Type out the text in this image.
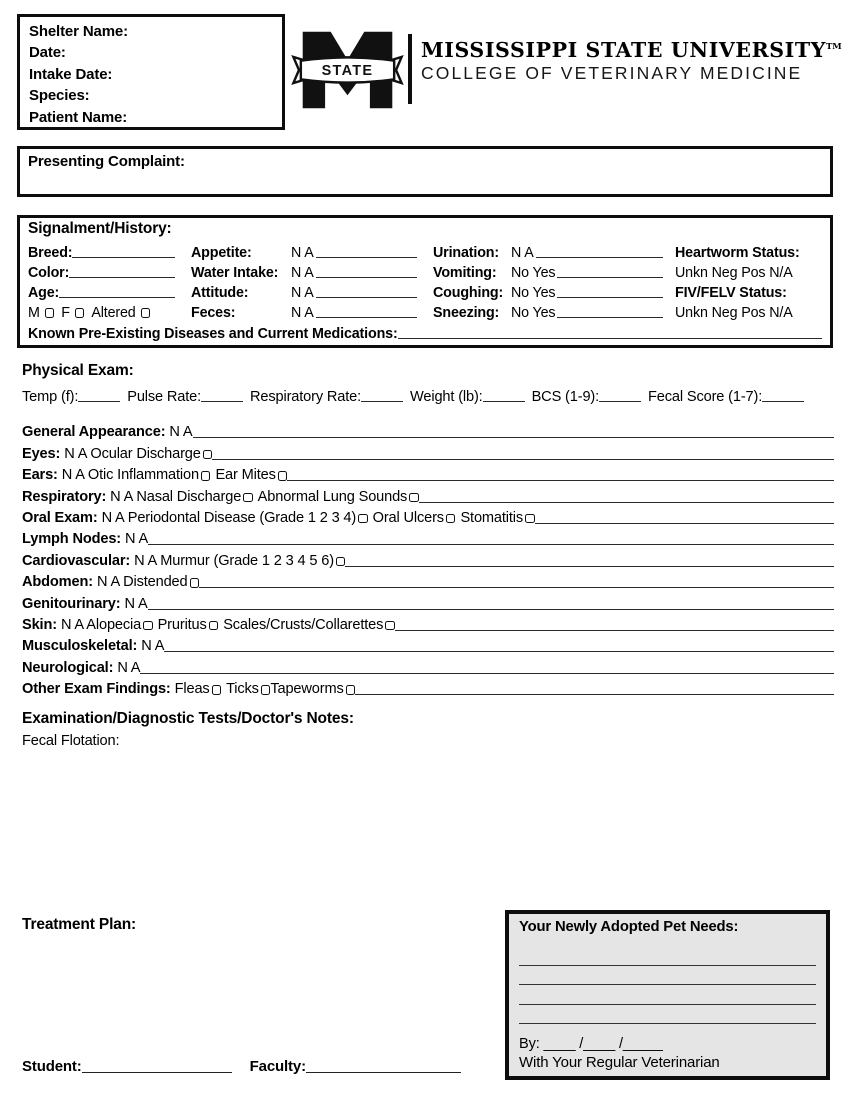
Shelter Name:
Date:
Intake Date:
Species:
Patient Name:
STATE
MISSISSIPPI STATE UNIVERSITY™
COLLEGE OF VETERINARY MEDICINE
Presenting Complaint:
Signalment/History:
Breed:	Appetite:	N A	Urination: N A	Heartworm Status:
Color:	Water Intake: N A	Vomiting:	No Yes	Unkn Neg Pos N/A
Age:	Attitude:	N A	Coughing: No Yes	FIV/FELV Status:
M F Altered	Feces:	N A	Sneezing: No Yes	Unkn Neg Pos N/A
Known Pre-Existing Diseases and Current Medications:
Physical Exam:
Temp (f):	Pulse Rate:	Respiratory Rate:	Weight (lb):	BCS (1-9):	Fecal Score (1-7):
General Appearance: N A
Eyes: N A Ocular Discharge
Ears: N A Otic Inflammation Ear Mites
Respiratory: N A Nasal Discharge Abnormal Lung Sounds
Oral Exam: N A Periodontal Disease (Grade 1 2 3 4) Oral Ulcers Stomatitis
Lymph Nodes: N A
Cardiovascular: N A Murmur (Grade 1 2 3 4 5 6)
Abdomen: N A Distended
Genitourinary: N A
Skin: N A Alopecia Pruritus Scales/Crusts/Collarettes
Musculoskeletal: N A
Neurological: N A
Other Exam Findings: Fleas Ticks Tapeworms
Examination/Diagnostic Tests/Doctor's Notes:
Fecal Flotation:
Treatment Plan:
Student:	Faculty:
Your Newly Adopted Pet Needs:
By: ____ /____ /_____
With Your Regular Veterinarian
